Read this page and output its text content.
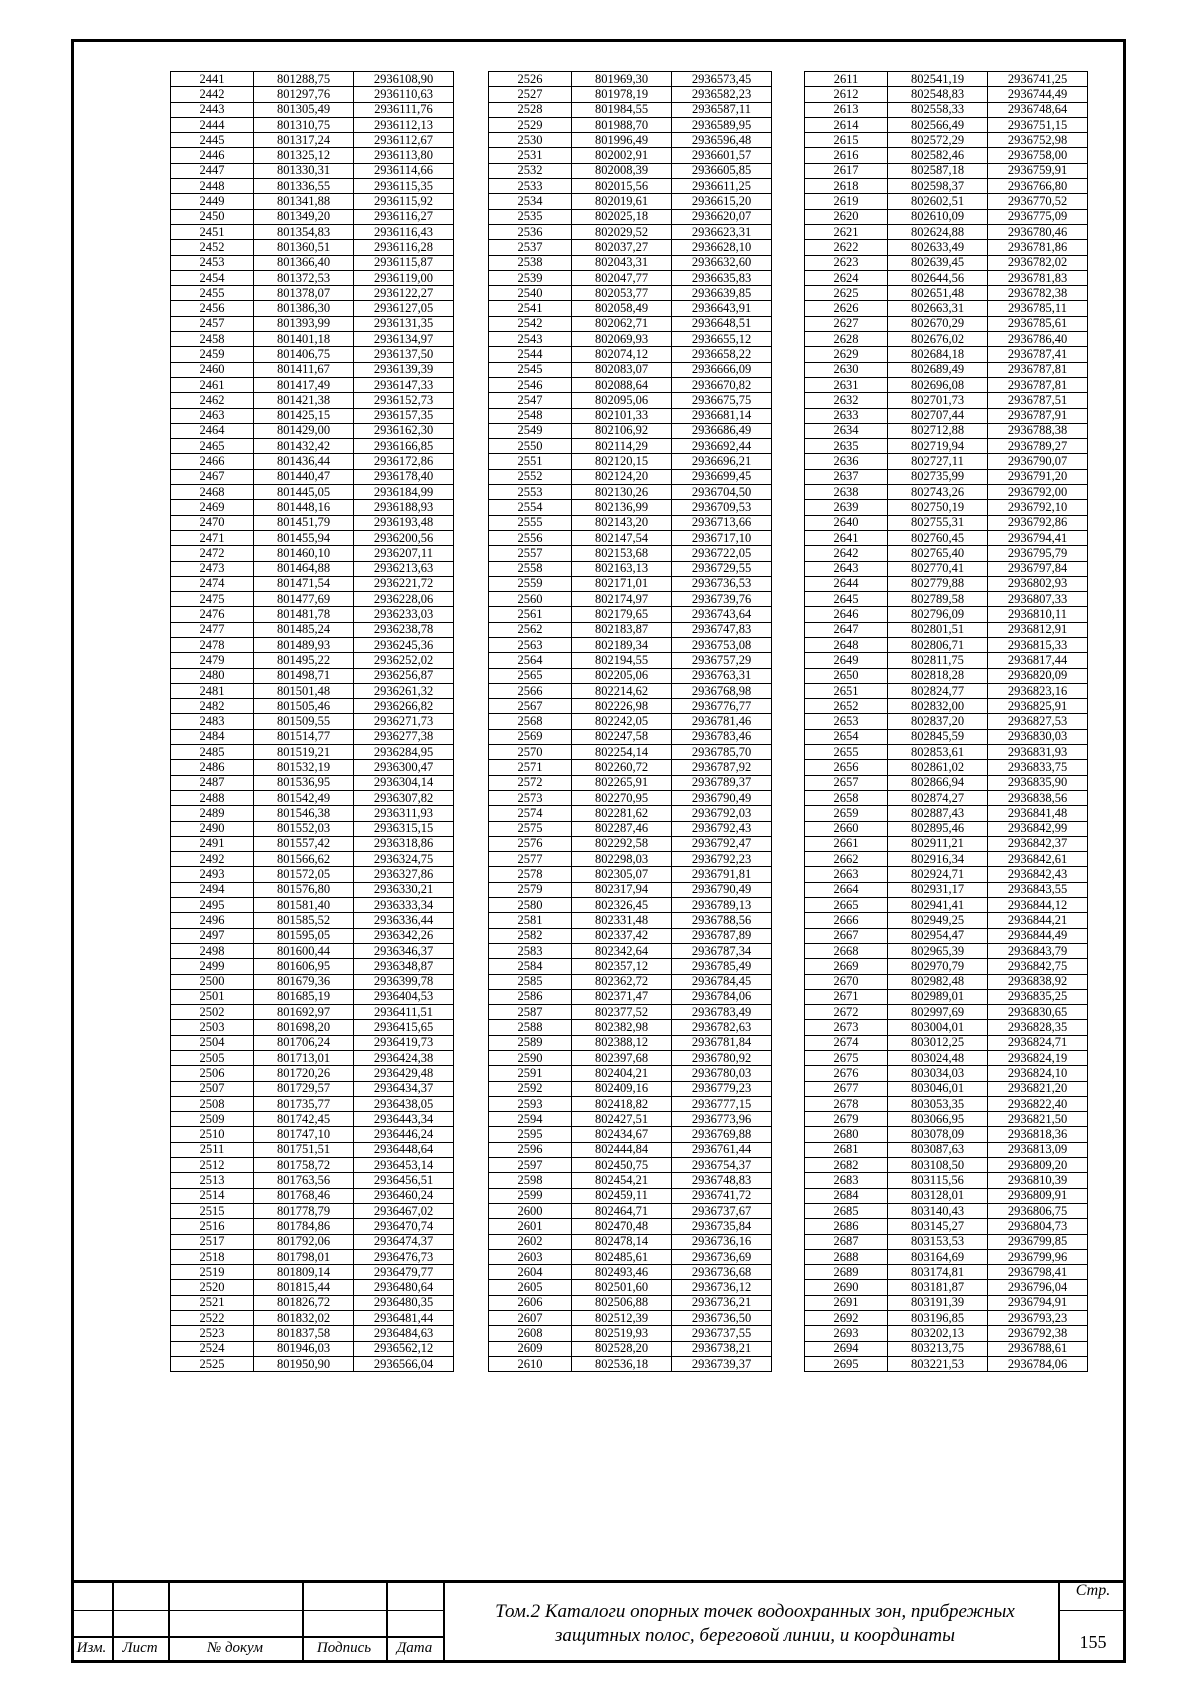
2441	801288,75	2936108,90
2442	801297,76	2936110,63
2443	801305,49	2936111,76
2444	801310,75	2936112,13
2445	801317,24	2936112,67
2446	801325,12	2936113,80
2447	801330,31	2936114,66
2448	801336,55	2936115,35
2449	801341,88	2936115,92
2450	801349,20	2936116,27
2451	801354,83	2936116,43
2452	801360,51	2936116,28
2453	801366,40	2936115,87
2454	801372,53	2936119,00
2455	801378,07	2936122,27
2456	801386,30	2936127,05
2457	801393,99	2936131,35
2458	801401,18	2936134,97
2459	801406,75	2936137,50
2460	801411,67	2936139,39
2461	801417,49	2936147,33
2462	801421,38	2936152,73
2463	801425,15	2936157,35
2464	801429,00	2936162,30
2465	801432,42	2936166,85
2466	801436,44	2936172,86
2467	801440,47	2936178,40
2468	801445,05	2936184,99
2469	801448,16	2936188,93
2470	801451,79	2936193,48
2471	801455,94	2936200,56
2472	801460,10	2936207,11
2473	801464,88	2936213,63
2474	801471,54	2936221,72
2475	801477,69	2936228,06
2476	801481,78	2936233,03
2477	801485,24	2936238,78
2478	801489,93	2936245,36
2479	801495,22	2936252,02
2480	801498,71	2936256,87
2481	801501,48	2936261,32
2482	801505,46	2936266,82
2483	801509,55	2936271,73
2484	801514,77	2936277,38
2485	801519,21	2936284,95
2486	801532,19	2936300,47
2487	801536,95	2936304,14
2488	801542,49	2936307,82
2489	801546,38	2936311,93
2490	801552,03	2936315,15
2491	801557,42	2936318,86
2492	801566,62	2936324,75
2493	801572,05	2936327,86
2494	801576,80	2936330,21
2495	801581,40	2936333,34
2496	801585,52	2936336,44
2497	801595,05	2936342,26
2498	801600,44	2936346,37
2499	801606,95	2936348,87
2500	801679,36	2936399,78
2501	801685,19	2936404,53
2502	801692,97	2936411,51
2503	801698,20	2936415,65
2504	801706,24	2936419,73
2505	801713,01	2936424,38
2506	801720,26	2936429,48
2507	801729,57	2936434,37
2508	801735,77	2936438,05
2509	801742,45	2936443,34
2510	801747,10	2936446,24
2511	801751,51	2936448,64
2512	801758,72	2936453,14
2513	801763,56	2936456,51
2514	801768,46	2936460,24
2515	801778,79	2936467,02
2516	801784,86	2936470,74
2517	801792,06	2936474,37
2518	801798,01	2936476,73
2519	801809,14	2936479,77
2520	801815,44	2936480,64
2521	801826,72	2936480,35
2522	801832,02	2936481,44
2523	801837,58	2936484,63
2524	801946,03	2936562,12
2525	801950,90	2936566,04
2526	801969,30	2936573,45
2527	801978,19	2936582,23
2528	801984,55	2936587,11
2529	801988,70	2936589,95
2530	801996,49	2936596,48
2531	802002,91	2936601,57
2532	802008,39	2936605,85
2533	802015,56	2936611,25
2534	802019,61	2936615,20
2535	802025,18	2936620,07
2536	802029,52	2936623,31
2537	802037,27	2936628,10
2538	802043,31	2936632,60
2539	802047,77	2936635,83
2540	802053,77	2936639,85
2541	802058,49	2936643,91
2542	802062,71	2936648,51
2543	802069,93	2936655,12
2544	802074,12	2936658,22
2545	802083,07	2936666,09
2546	802088,64	2936670,82
2547	802095,06	2936675,75
2548	802101,33	2936681,14
2549	802106,92	2936686,49
2550	802114,29	2936692,44
2551	802120,15	2936696,21
2552	802124,20	2936699,45
2553	802130,26	2936704,50
2554	802136,99	2936709,53
2555	802143,20	2936713,66
2556	802147,54	2936717,10
2557	802153,68	2936722,05
2558	802163,13	2936729,55
2559	802171,01	2936736,53
2560	802174,97	2936739,76
2561	802179,65	2936743,64
2562	802183,87	2936747,83
2563	802189,34	2936753,08
2564	802194,55	2936757,29
2565	802205,06	2936763,31
2566	802214,62	2936768,98
2567	802226,98	2936776,77
2568	802242,05	2936781,46
2569	802247,58	2936783,46
2570	802254,14	2936785,70
2571	802260,72	2936787,92
2572	802265,91	2936789,37
2573	802270,95	2936790,49
2574	802281,62	2936792,03
2575	802287,46	2936792,43
2576	802292,58	2936792,47
2577	802298,03	2936792,23
2578	802305,07	2936791,81
2579	802317,94	2936790,49
2580	802326,45	2936789,13
2581	802331,48	2936788,56
2582	802337,42	2936787,89
2583	802342,64	2936787,34
2584	802357,12	2936785,49
2585	802362,72	2936784,45
2586	802371,47	2936784,06
2587	802377,52	2936783,49
2588	802382,98	2936782,63
2589	802388,12	2936781,84
2590	802397,68	2936780,92
2591	802404,21	2936780,03
2592	802409,16	2936779,23
2593	802418,82	2936777,15
2594	802427,51	2936773,96
2595	802434,67	2936769,88
2596	802444,84	2936761,44
2597	802450,75	2936754,37
2598	802454,21	2936748,83
2599	802459,11	2936741,72
2600	802464,71	2936737,67
2601	802470,48	2936735,84
2602	802478,14	2936736,16
2603	802485,61	2936736,69
2604	802493,46	2936736,68
2605	802501,60	2936736,12
2606	802506,88	2936736,21
2607	802512,39	2936736,50
2608	802519,93	2936737,55
2609	802528,20	2936738,21
2610	802536,18	2936739,37
2611	802541,19	2936741,25
2612	802548,83	2936744,49
2613	802558,33	2936748,64
2614	802566,49	2936751,15
2615	802572,29	2936752,98
2616	802582,46	2936758,00
2617	802587,18	2936759,91
2618	802598,37	2936766,80
2619	802602,51	2936770,52
2620	802610,09	2936775,09
2621	802624,88	2936780,46
2622	802633,49	2936781,86
2623	802639,45	2936782,02
2624	802644,56	2936781,83
2625	802651,48	2936782,38
2626	802663,31	2936785,11
2627	802670,29	2936785,61
2628	802676,02	2936786,40
2629	802684,18	2936787,41
2630	802689,49	2936787,81
2631	802696,08	2936787,81
2632	802701,73	2936787,51
2633	802707,44	2936787,91
2634	802712,88	2936788,38
2635	802719,94	2936789,27
2636	802727,11	2936790,07
2637	802735,99	2936791,20
2638	802743,26	2936792,00
2639	802750,19	2936792,10
2640	802755,31	2936792,86
2641	802760,45	2936794,41
2642	802765,40	2936795,79
2643	802770,41	2936797,84
2644	802779,88	2936802,93
2645	802789,58	2936807,33
2646	802796,09	2936810,11
2647	802801,51	2936812,91
2648	802806,71	2936815,33
2649	802811,75	2936817,44
2650	802818,28	2936820,09
2651	802824,77	2936823,16
2652	802832,00	2936825,91
2653	802837,20	2936827,53
2654	802845,59	2936830,03
2655	802853,61	2936831,93
2656	802861,02	2936833,75
2657	802866,94	2936835,90
2658	802874,27	2936838,56
2659	802887,43	2936841,48
2660	802895,46	2936842,99
2661	802911,21	2936842,37
2662	802916,34	2936842,61
2663	802924,71	2936842,43
2664	802931,17	2936843,55
2665	802941,41	2936844,12
2666	802949,25	2936844,21
2667	802954,47	2936844,49
2668	802965,39	2936843,79
2669	802970,79	2936842,75
2670	802982,48	2936838,92
2671	802989,01	2936835,25
2672	802997,69	2936830,65
2673	803004,01	2936828,35
2674	803012,25	2936824,71
2675	803024,48	2936824,19
2676	803034,03	2936824,10
2677	803046,01	2936821,20
2678	803053,35	2936822,40
2679	803066,95	2936821,50
2680	803078,09	2936818,36
2681	803087,63	2936813,09
2682	803108,50	2936809,20
2683	803115,56	2936810,39
2684	803128,01	2936809,91
2685	803140,43	2936806,75
2686	803145,27	2936804,73
2687	803153,53	2936799,85
2688	803164,69	2936799,96
2689	803174,81	2936798,41
2690	803181,87	2936796,04
2691	803191,39	2936794,91
2692	803196,85	2936793,23
2693	803202,13	2936792,38
2694	803213,75	2936788,61
2695	803221,53	2936784,06
Изм.	Лист	№ докум	Подпись	Дата
Том.2 Каталоги опорных точек водоохранных зон, прибрежных защитных полос, береговой линии, и координаты
Стр.
155
